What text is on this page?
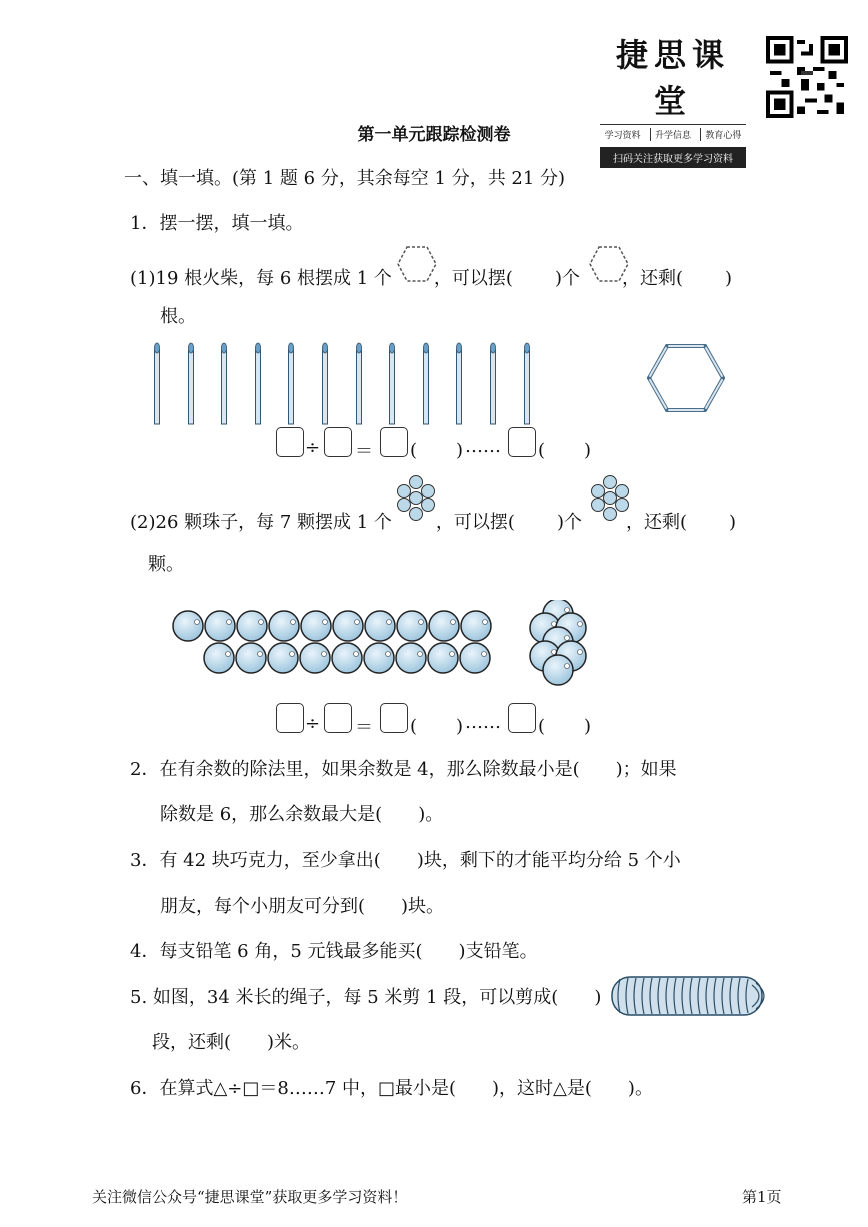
捷思课堂
学习资料	升学信息	教育心得
扫码关注获取更多学习资料
第一单元跟踪检测卷
一、填一填。(第 1 题 6 分，其余每空 1 分，共 21 分)
1．摆一摆，填一填。
(1)19 根火柴，每 6 根摆成 1 个 ，可以摆( )个 ，还剩( )
根。
÷ ＝ ( ) …… ( )
(2)26 颗珠子，每 7 颗摆成 1 个 ，可以摆( )个 ，还剩( )
颗。
÷ ＝ ( ) …… ( )
2．在有余数的除法里，如果余数是 4，那么除数最小是(　　)；如果
除数是 6，那么余数最大是(　　)。
3．有 42 块巧克力，至少拿出(　　)块，剩下的才能平均分给 5 个小
朋友，每个小朋友可分到(　　)块。
4．每支铅笔 6 角，5 元钱最多能买(　　)支铅笔。
5. 如图，34 米长的绳子，每 5 米剪 1 段，可以剪成(　　)
段，还剩(　　)米。
6．在算式△÷□＝8……7 中，□最小是(　　)，这时△是(　　)。
关注微信公众号“捷思课堂”获取更多学习资料！	第1页
